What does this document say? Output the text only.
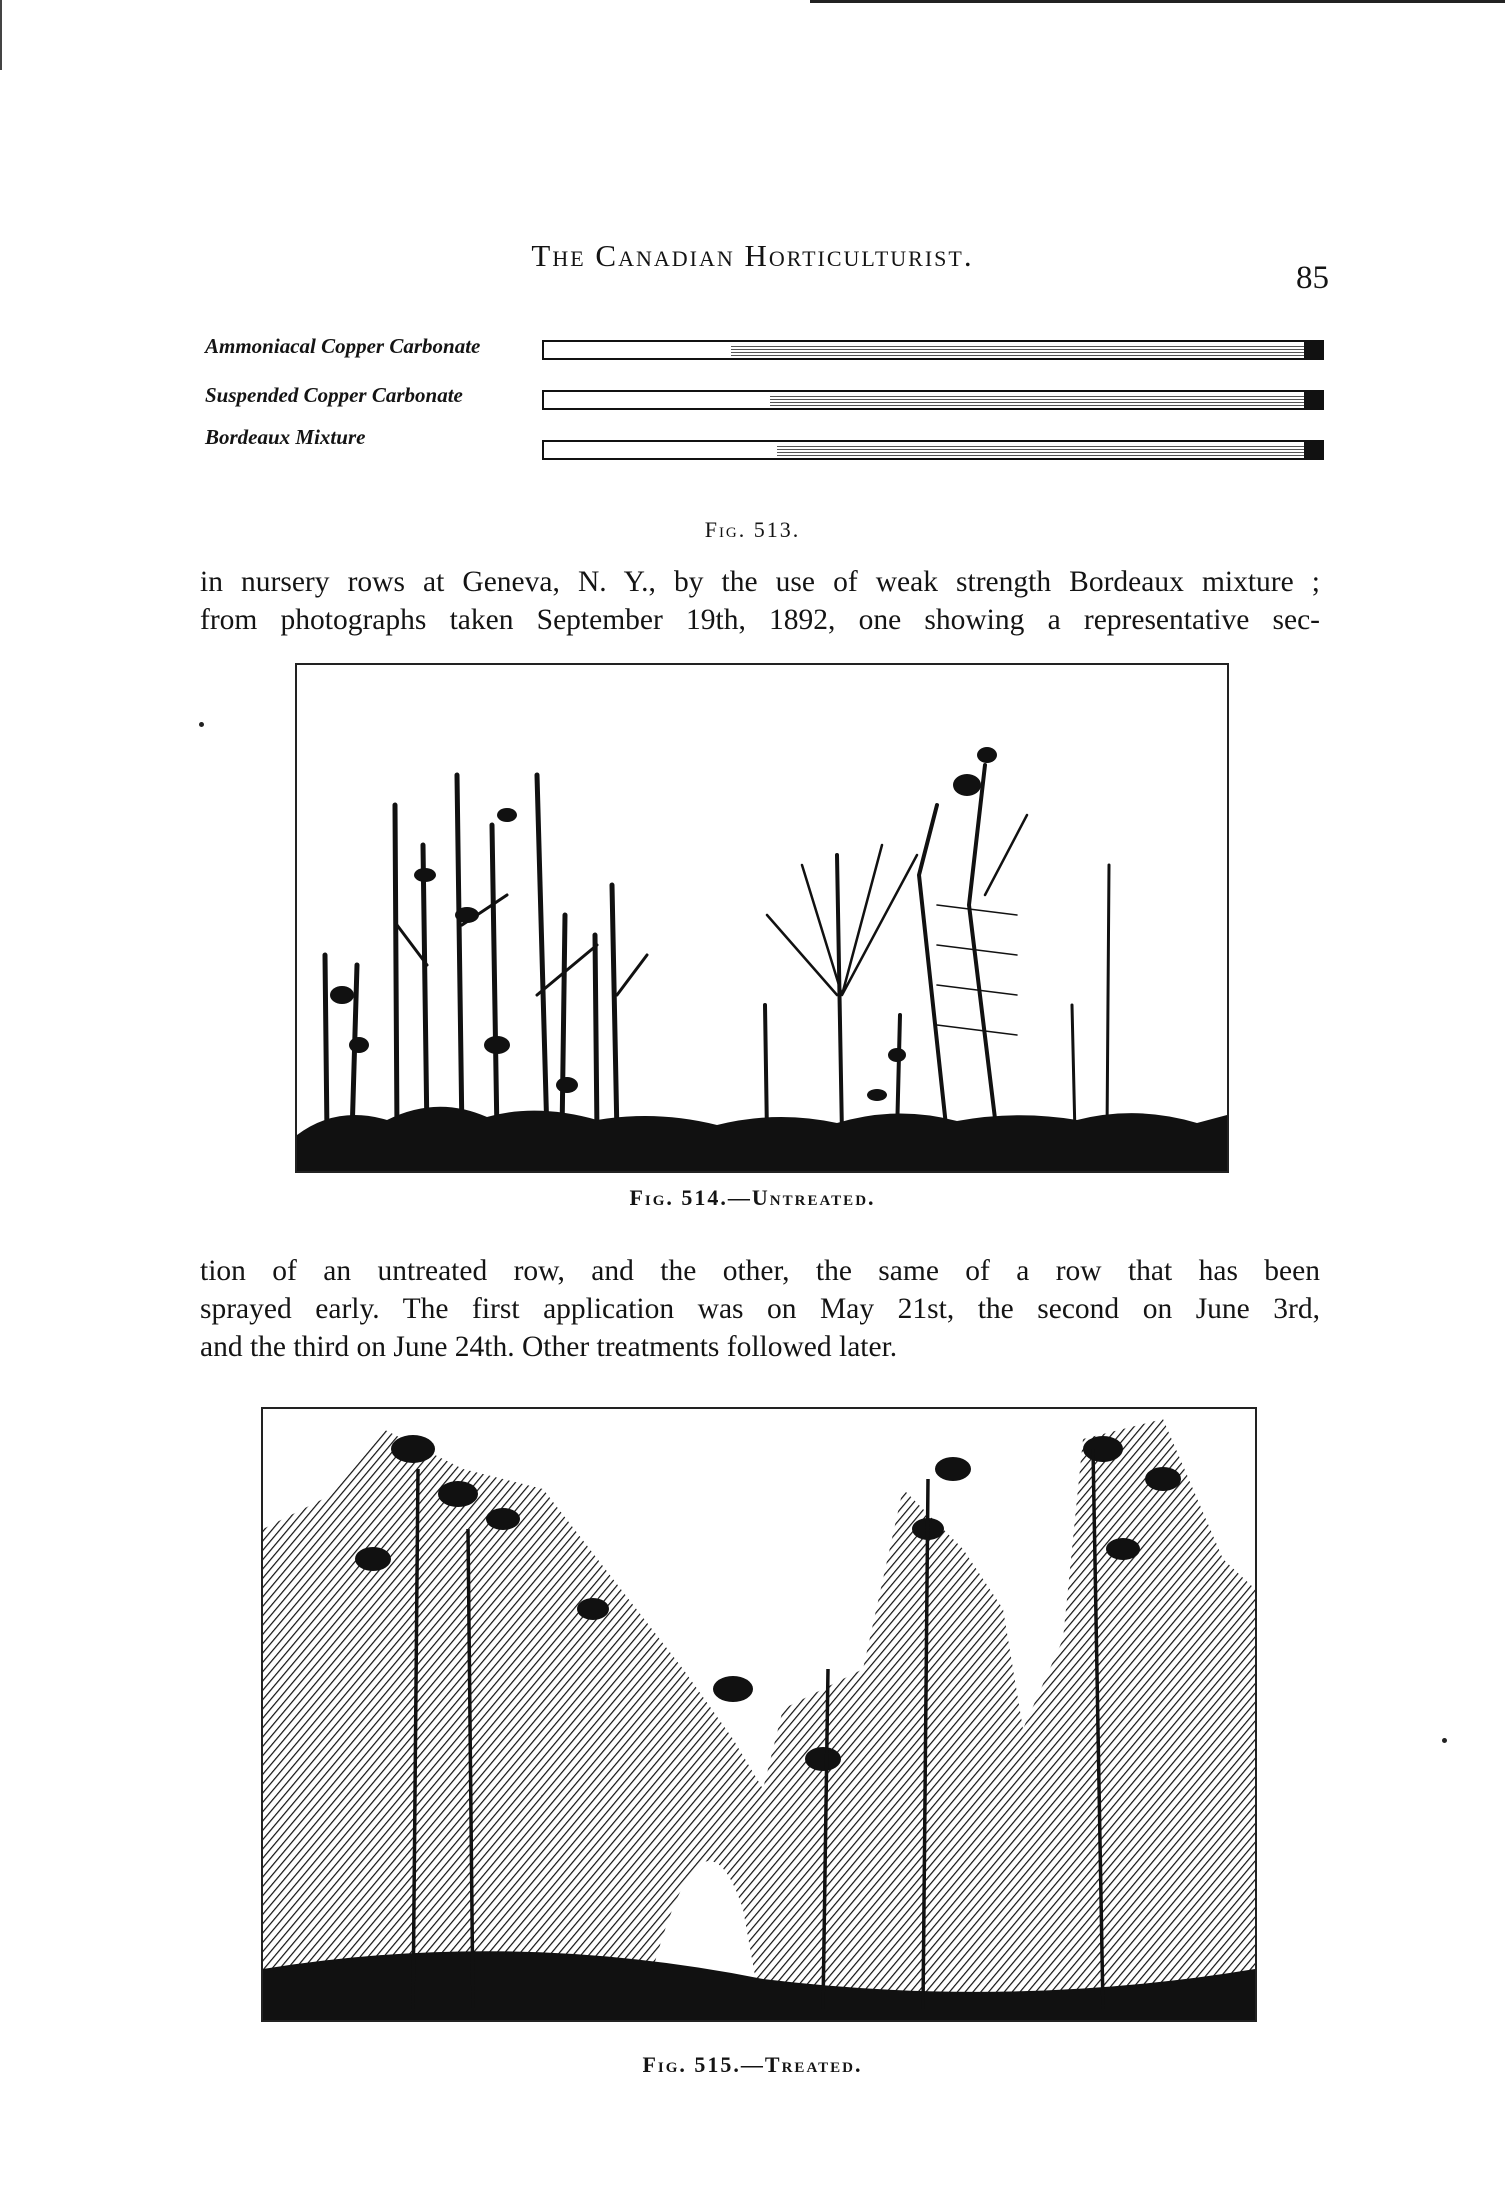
The Canadian Horticulturist.
85
Ammoniacal Copper Carbonate
Suspended Copper Carbonate
Bordeaux Mixture
Fig. 513.

in nursery rows at Geneva, N. Y., by the use of weak strength Bordeaux mixture ;

from photographs taken September 19th, 1892, one showing a representative sec-

Fig. 514.—Untreated.

tion of an untreated row, and the other, the same of a row that has been

sprayed early. The first application was on May 21st, the second on June 3rd,

and the third on June 24th. Other treatments followed later.

Fig. 515.—Treated.
